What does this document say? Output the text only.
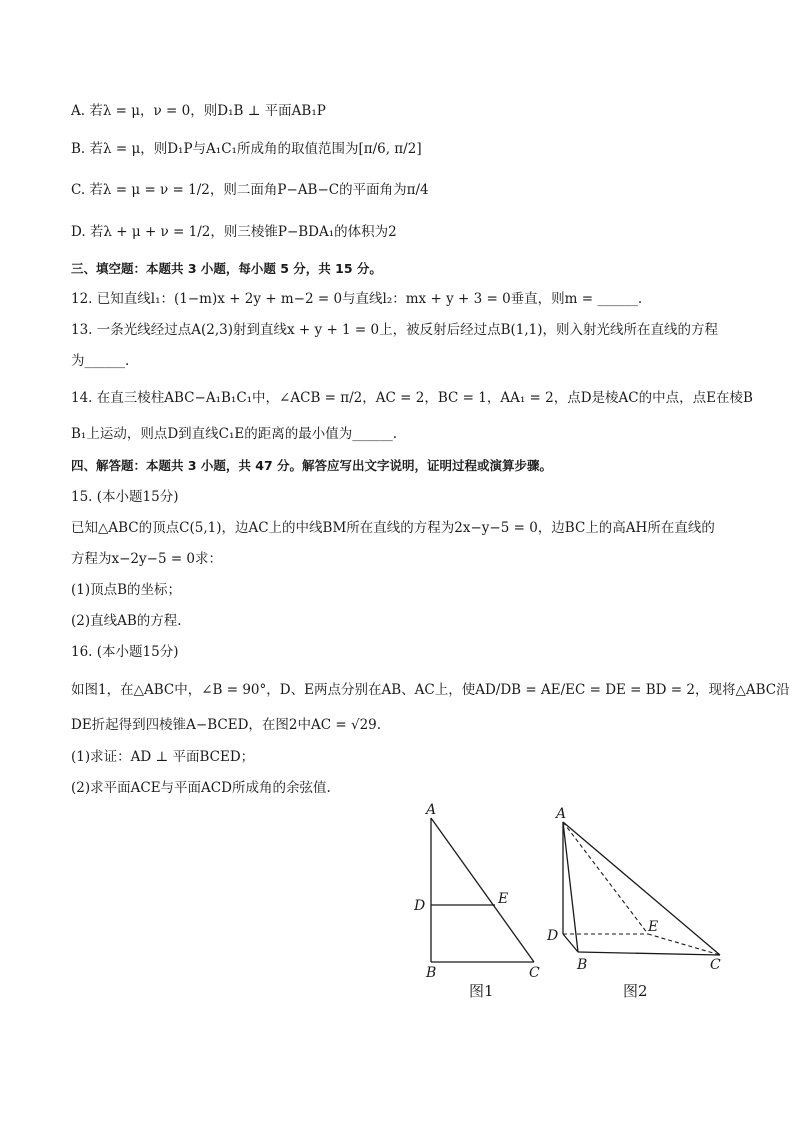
A. 若λ = μ，ν = 0，则D₁B ⊥ 平面AB₁P
B. 若λ = μ，则D₁P与A₁C₁所成角的取值范围为[π/6, π/2]
C. 若λ = μ = ν = 1/2，则二面角P−AB−C的平面角为π/4
D. 若λ + μ + ν = 1/2，则三棱锥P−BDA₁的体积为2
三、填空题：本题共 3 小题，每小题 5 分，共 15 分。
12. 已知直线l₁：(1−m)x + 2y + m−2 = 0与直线l₂：mx + y + 3 = 0垂直，则m = ______.
13. 一条光线经过点A(2,3)射到直线x + y + 1 = 0上，被反射后经过点B(1,1)，则入射光线所在直线的方程
为______.
14. 在直三棱柱ABC−A₁B₁C₁中，∠ACB = π/2，AC = 2，BC = 1，AA₁ = 2，点D是棱AC的中点，点E在棱B
B₁上运动，则点D到直线C₁E的距离的最小值为______.
四、解答题：本题共 3 小题，共 47 分。解答应写出文字说明，证明过程或演算步骤。
15. (本小题15分)
已知△ABC的顶点C(5,1)，边AC上的中线BM所在直线的方程为2x−y−5 = 0，边BC上的高AH所在直线的
方程为x−2y−5 = 0求：
(1)顶点B的坐标；
(2)直线AB的方程.
16. (本小题15分)
如图1，在△ABC中，∠B = 90°，D、E两点分别在AB、AC上，使AD/DB = AE/EC = DE = BD = 2，现将△ABC沿
DE折起得到四棱锥A−BCED，在图2中AC = √29.
(1)求证：AD ⊥ 平面BCED；
(2)求平面ACE与平面ACD所成角的余弦值.
A
D	E
B	C
图1
A
E
D
B	C
图2
